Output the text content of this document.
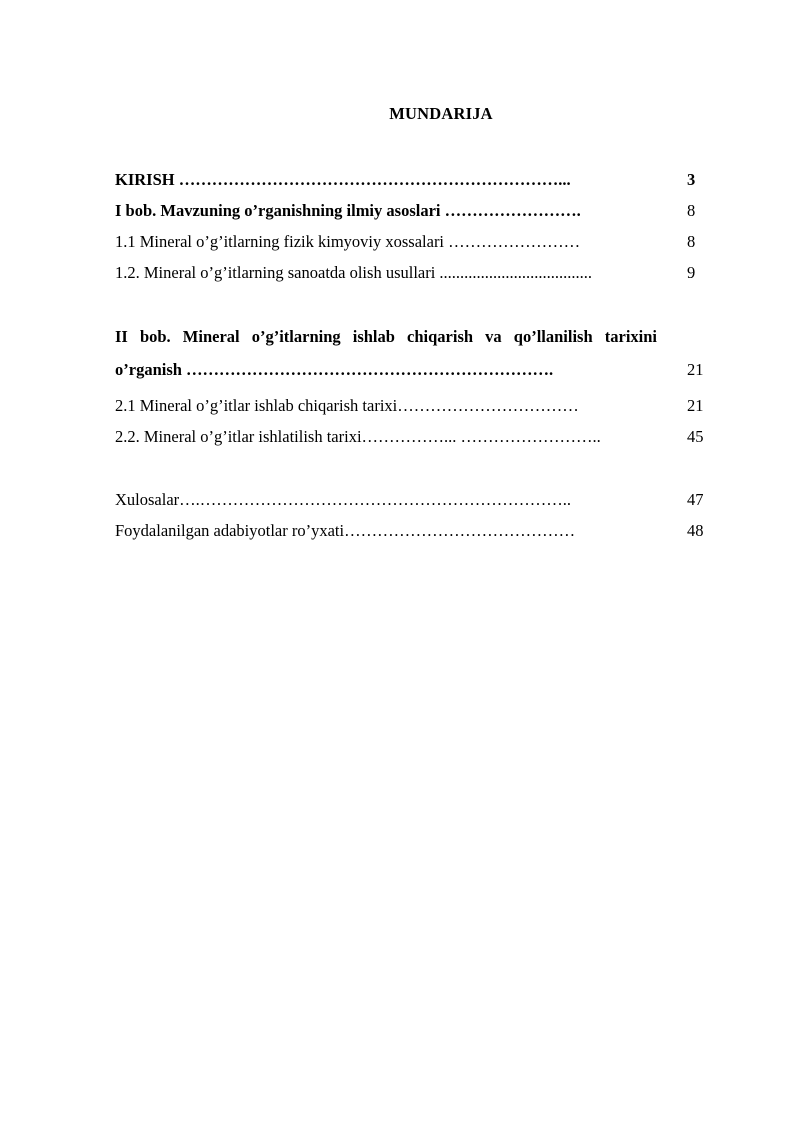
MUNDARIJA
KIRISH ……………………………………………………………...	3
I bob. Mavzuning o’rganishning ilmiy asoslari …………………….	8
1.1 Mineral o’g’itlarning fizik kimyoviy xossalari ……………………	8
1.2. Mineral o’g’itlarning sanoatda olish usullari .....................................	9
II bob. Mineral o’g’itlarning ishlab chiqarish va qo’llanilish tarixini
o’rganish ………………………………………………………….	21
2.1 Mineral o’g’itlar ishlab chiqarish tarixi……………………………	21
2.2. Mineral o’g’itlar ishlatilish tarixi……………... ……………………..	45
Xulosalar….…………………………………………………………..	47
Foydalanilgan adabiyotlar ro’yxati……………………………………	48
